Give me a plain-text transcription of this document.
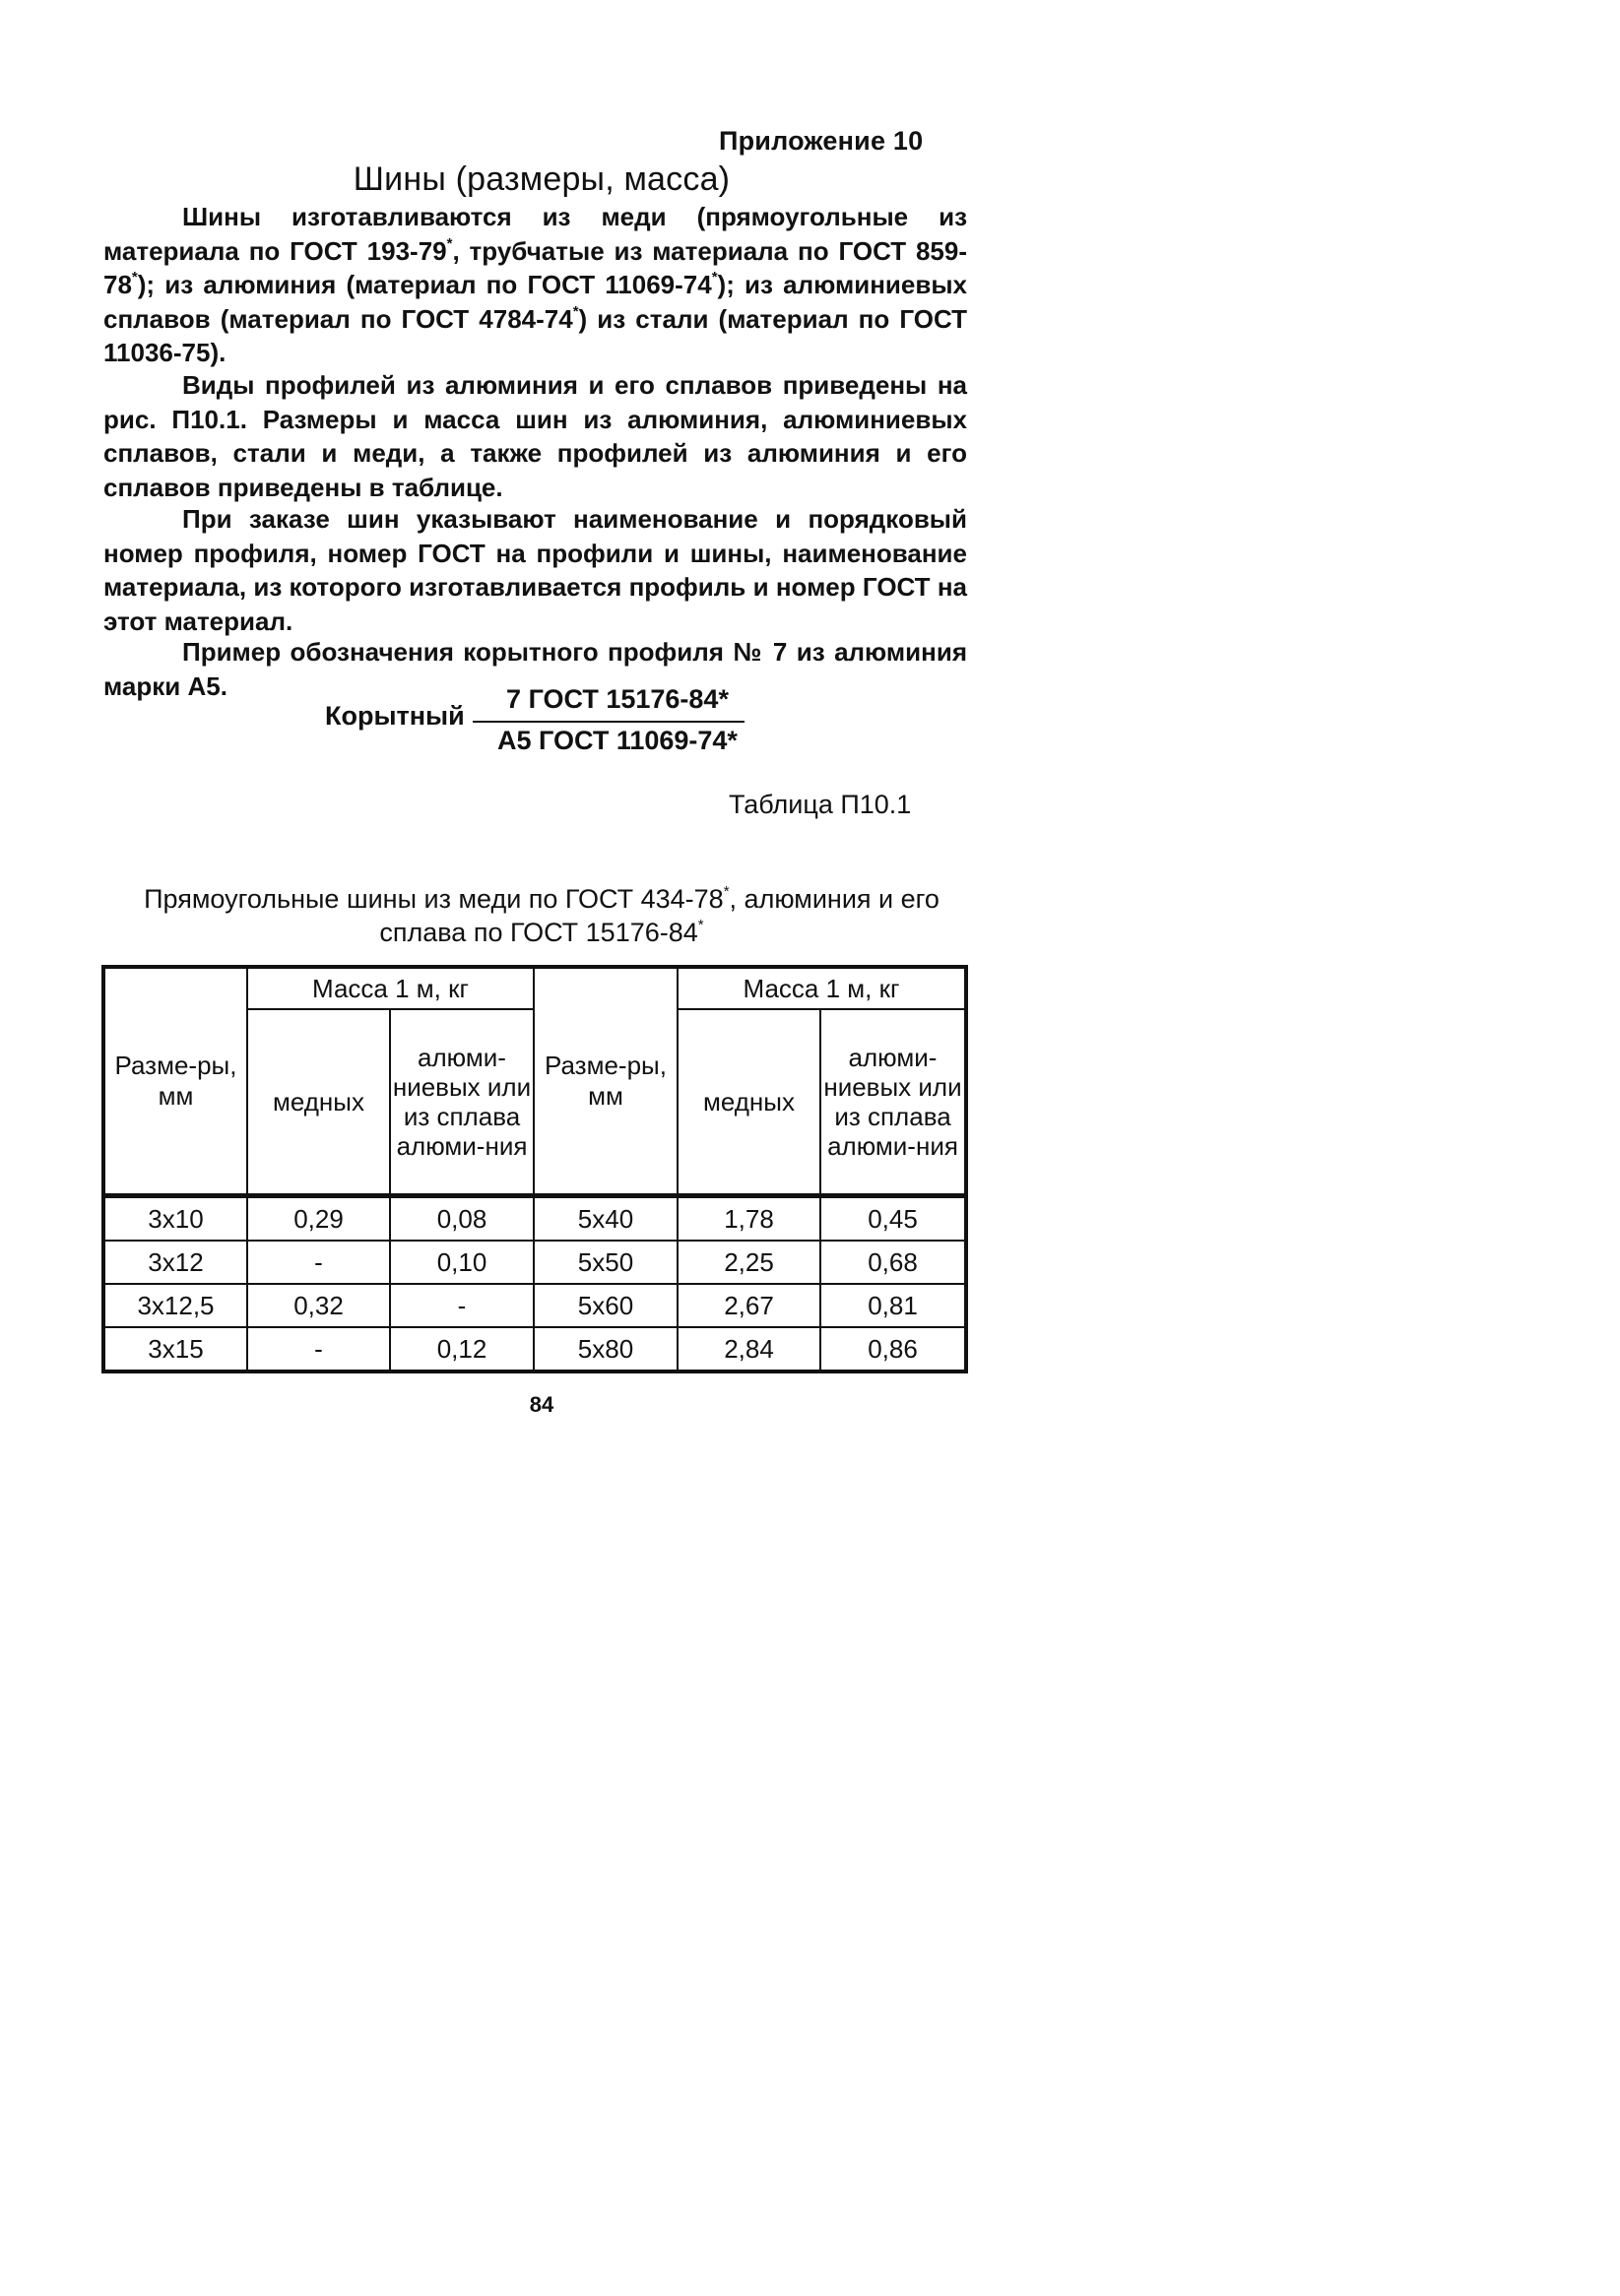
Приложение 10
Шины (размеры, масса)

Шины изготавливаются из меди (прямоугольные из материала по ГОСТ 193-79*, трубчатые из материала по ГОСТ 859-78*); из алюминия (материал по ГОСТ 11069-74*); из алюминиевых сплавов (материал по ГОСТ 4784-74*) из стали (материал по ГОСТ 11036-75).

Виды профилей из алюминия и его сплавов приведены на рис. П10.1. Размеры и масса шин из алюминия, алюминиевых сплавов, стали и меди, а также профилей из алюминия и его сплавов приведены в таблице.

При заказе шин указывают наименование и порядковый номер профиля, номер ГОСТ на профили и шины, наименование материала, из которого изготавливается профиль и номер ГОСТ на этот материал.

Пример обозначения корытного профиля № 7 из алюминия марки А5.

Корытный
7 ГОСТ 15176-84*
А5 ГОСТ 11069-74*
Таблица П10.1
Прямоугольные шины из меди по ГОСТ 434-78*, алюминия и его сплава по ГОСТ 15176-84*
Разме-ры, мм	Масса 1 м, кг		Разме-ры, мм	Масса 1 м, кг	
	медных	алюми-ниевых или из сплава алюми-ния		медных	алюми-ниевых или из сплава алюми-ния
3x10	0,29	0,08	5x40	1,78	0,45
3x12	-	0,10	5x50	2,25	0,68
3x12,5	0,32	-	5x60	2,67	0,81
3x15	-	0,12	5x80	2,84	0,86
84
